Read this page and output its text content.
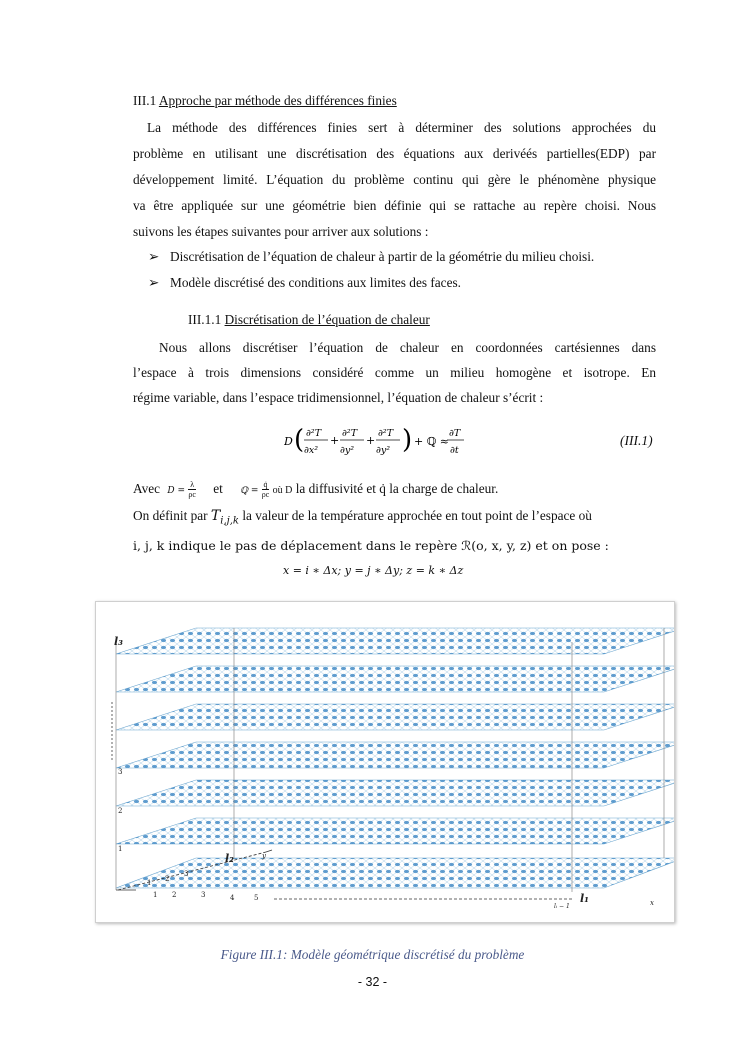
III.1 Approche par méthode des différences finies
La méthode des différences finies sert à déterminer des solutions approchées du
problème en utilisant une discrétisation des équations aux derivéés partielles(EDP) par
développement limité. L’équation du problème continu qui gère le phénomène physique
va être appliquée sur une géométrie bien définie qui se rattache au repère choisi. Nous
suivons les étapes suivantes pour arriver aux solutions :
➢ Discrétisation de l’équation de chaleur à partir de la géométrie du milieu choisi.
➢ Modèle discrétisé des conditions aux limites des faces.
III.1.1 Discrétisation de l’équation de chaleur
Nous allons discrétiser l’équation de chaleur en coordonnées cartésiennes dans
l’espace à trois dimensions considéré comme un milieu homogène et isotrope. En
régime variable, dans l’espace tridimensionnel, l’équation de chaleur s’écrit :
D ( ∂²T
∂x²
+
∂²T
∂y²
+
∂²T
∂y² ) + ℚ ≈
∂T
∂t
(III.1)
Avec $D = \frac{\lambda}{\rho c}$ et ℚ = $\frac{q̇}{\rho c}$ où D la diffusivité et q̇ la charge de chaleur.
On définit par $T_{i,j,k}$ la valeur de la température approchée en tout point de l’espace où
i, j, k indique le pas de déplacement dans le repère ℛ(o, x, y, z) et on pose :
x = i ∗ Δx; y = j ∗ Δy; z = k ∗ Δz
l₃
l₂
l₁
lᵢ − 1
y
x
3
2
1
1 2
3
1 2	3	4	5
Figure III.1: Modèle géométrique discrétisé du problème
- 32 -
